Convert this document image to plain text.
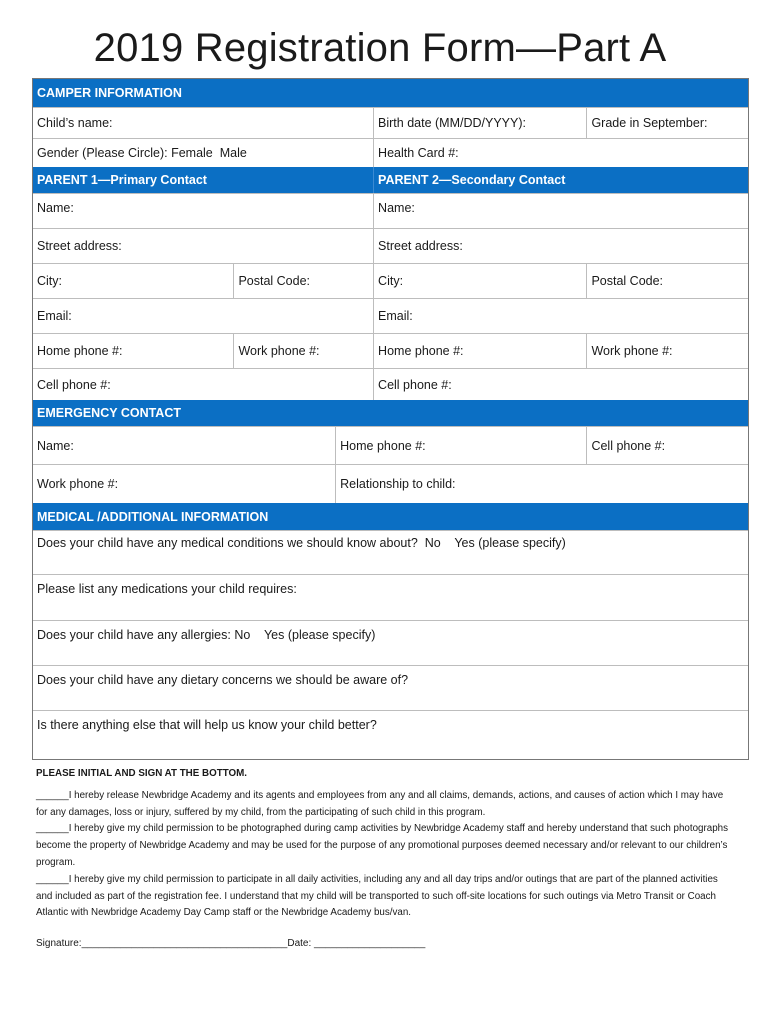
2019 Registration Form—Part A
CAMPER INFORMATION
Child’s name:	Birth date (MM/DD/YYYY):	Grade in September:
Gender (Please Circle): Female  Male	Health Card #:
PARENT 1—Primary Contact	PARENT 2—Secondary Contact
Name:	Name:
Street address:	Street address:
City:	Postal Code:	City:	Postal Code:
Email:	Email:
Home phone #:	Work phone #:	Home phone #:	Work phone #:
Cell phone #:	Cell phone #:
EMERGENCY CONTACT
Name:	Home phone #:	Cell phone #:
Work phone #:	Relationship to child:
MEDICAL /ADDITIONAL INFORMATION
Does your child have any medical conditions we should know about?  No    Yes (please specify)
Please list any medications your child requires:
Does your child have any allergies: No    Yes (please specify)
Does your child have any dietary concerns we should be aware of?
Is there anything else that will help us know your child better?
PLEASE INITIAL AND SIGN AT THE BOTTOM.
______I hereby release Newbridge Academy and its agents and employees from any and all claims, demands, actions, and causes of action which I may have for any damages, loss or injury, suffered by my child, from the participating of such child in this program.
______I hereby give my child permission to be photographed during camp activities by Newbridge Academy staff and hereby understand that such photographs become the property of Newbridge Academy and may be used for the purpose of any promotional purposes deemed necessary and/or relevant to our children’s program.
______I hereby give my child permission to participate in all daily activities, including any and all day trips and/or outings that are part of the planned activities and included as part of the registration fee. I understand that my child will be transported to such off-site locations for such outings via Metro Transit or Coach Atlantic with Newbridge Academy Day Camp staff or the Newbridge Academy bus/van.
Signature:_____________________________________Date: ____________________
